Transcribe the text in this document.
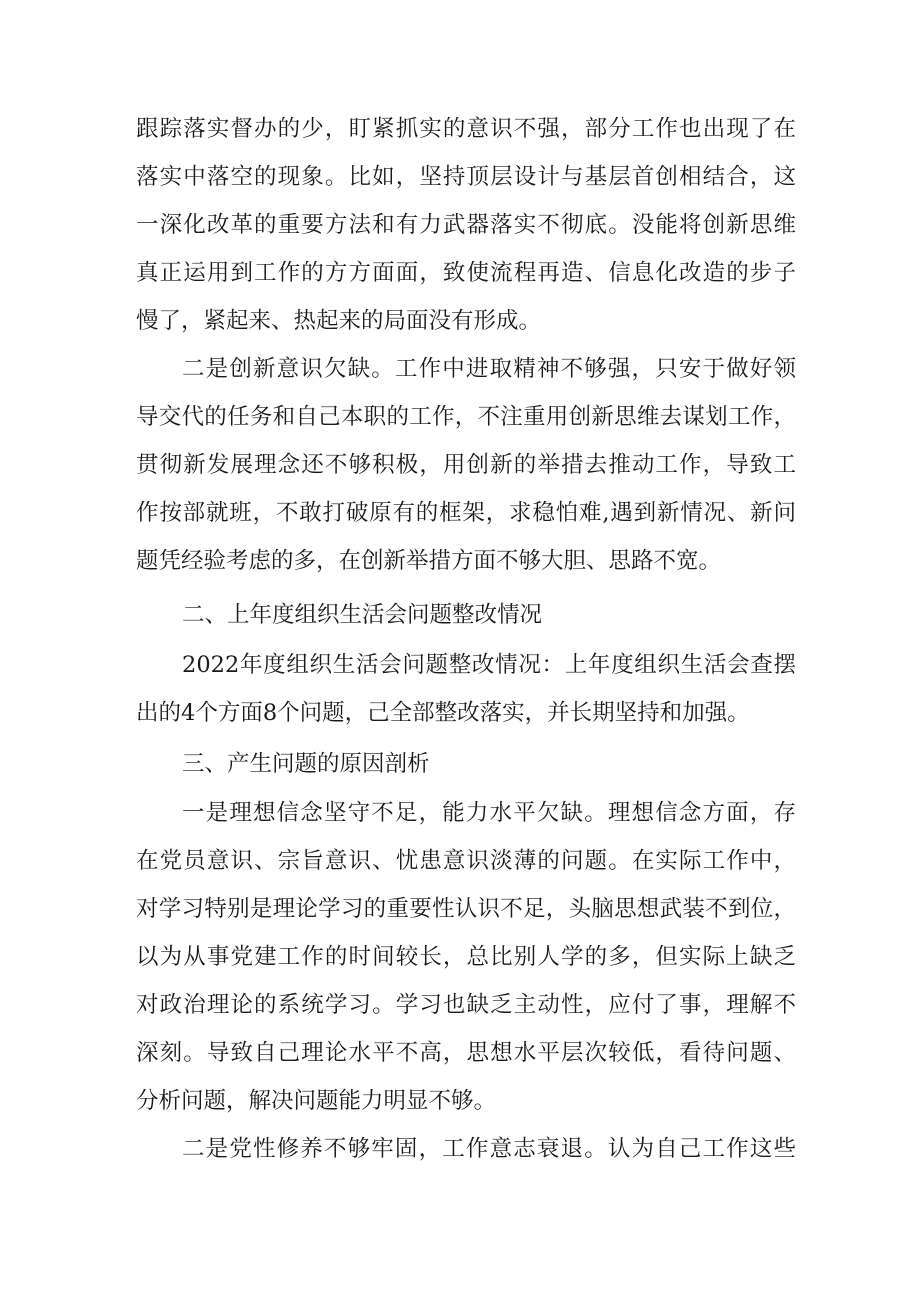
跟踪落实督办的少，盯紧抓实的意识不强，部分工作也出现了在
落实中落空的现象。比如，坚持顶层设计与基层首创相结合，这
一深化改革的重要方法和有力武器落实不彻底。没能将创新思维
真正运用到工作的方方面面，致使流程再造、信息化改造的步子
慢了，紧起来、热起来的局面没有形成。
二是创新意识欠缺。工作中进取精神不够强，只安于做好领
导交代的任务和自己本职的工作，不注重用创新思维去谋划工作，
贯彻新发展理念还不够积极，用创新的举措去推动工作，导致工
作按部就班，不敢打破原有的框架，求稳怕难,遇到新情况、新问
题凭经验考虑的多，在创新举措方面不够大胆、思路不宽。
二、上年度组织生活会问题整改情况
2022年度组织生活会问题整改情况：上年度组织生活会查摆
出的4个方面8个问题，己全部整改落实，并长期坚持和加强。
三、产生问题的原因剖析
一是理想信念坚守不足，能力水平欠缺。理想信念方面，存
在党员意识、宗旨意识、忧患意识淡薄的问题。在实际工作中，
对学习特别是理论学习的重要性认识不足，头脑思想武装不到位，
以为从事党建工作的时间较长，总比别人学的多，但实际上缺乏
对政治理论的系统学习。学习也缺乏主动性，应付了事，理解不
深刻。导致自己理论水平不高，思想水平层次较低，看待问题、
分析问题，解决问题能力明显不够。
二是党性修养不够牢固，工作意志衰退。认为自己工作这些
